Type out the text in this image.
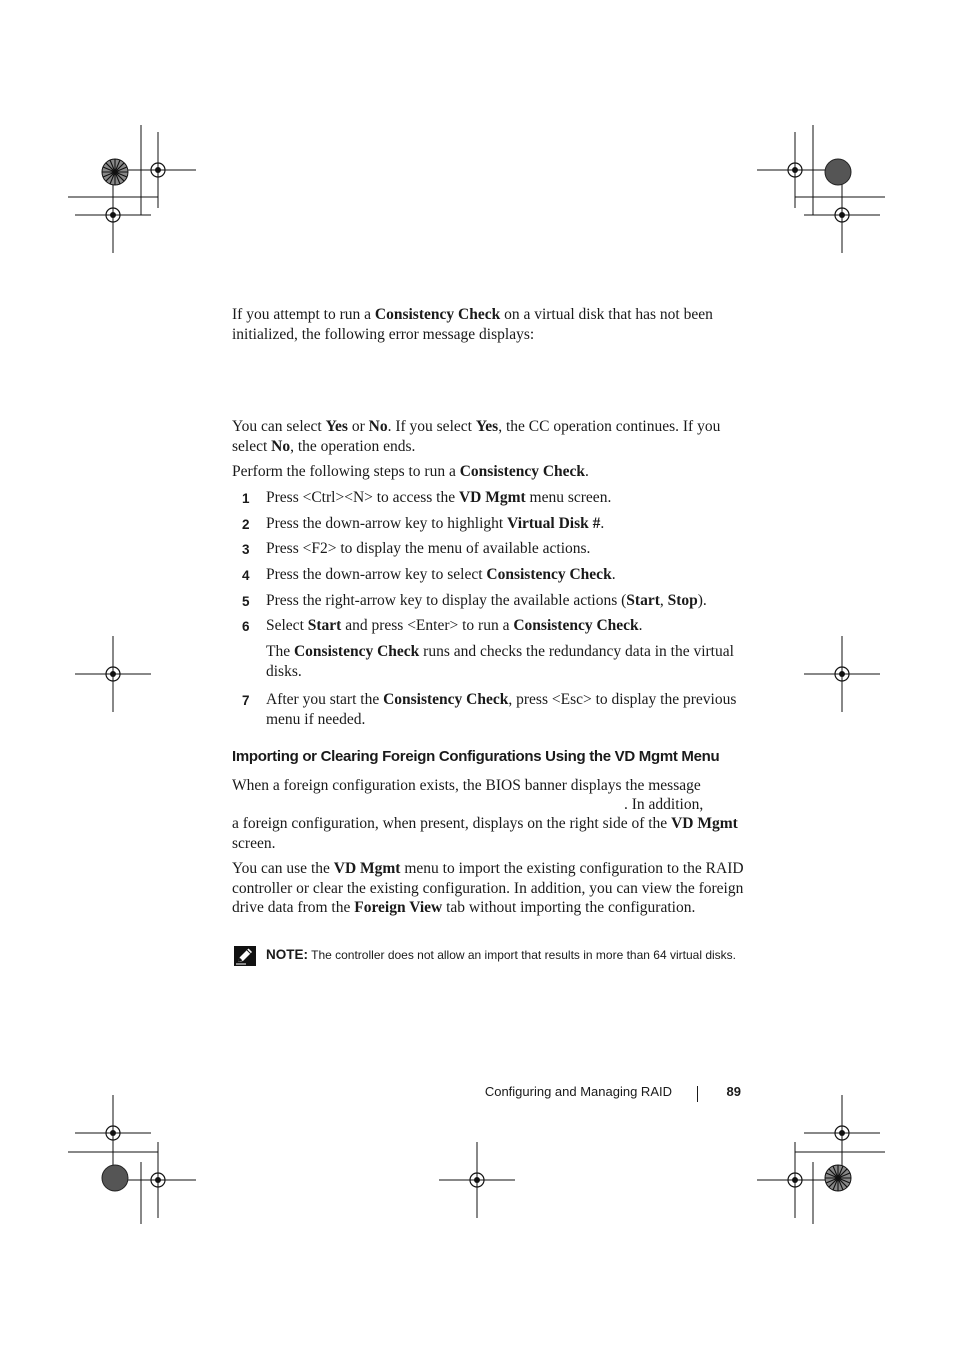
If you attempt to run a Consistency Check on a virtual disk that has not been initialized, the following error message displays:

You can select Yes or No. If you select Yes, the CC operation continues. If you select No, the operation ends.

Perform the following steps to run a Consistency Check.

1 Press <Ctrl><N> to access the VD Mgmt menu screen.
2 Press the down-arrow key to highlight Virtual Disk #.
3 Press <F2> to display the menu of available actions.
4 Press the down-arrow key to select Consistency Check.
5 Press the right-arrow key to display the available actions (Start, Stop).
6 Select Start and press <Enter> to run a Consistency Check.

The Consistency Check runs and checks the redundancy data in the virtual disks.

7 After you start the Consistency Check, press <Esc> to display the previous menu if needed.
Importing or Clearing Foreign Configurations Using the VD Mgmt Menu

When a foreign configuration exists, the BIOS banner displays the message

. In addition,

a foreign configuration, when present, displays on the right side of the VD Mgmt screen.

You can use the VD Mgmt menu to import the existing configuration to the RAID controller or clear the existing configuration. In addition, you can view the foreign drive data from the Foreign View tab without importing the configuration.

NOTE: The controller does not allow an import that results in more than 64 virtual disks.
Configuring and Managing RAID	89
